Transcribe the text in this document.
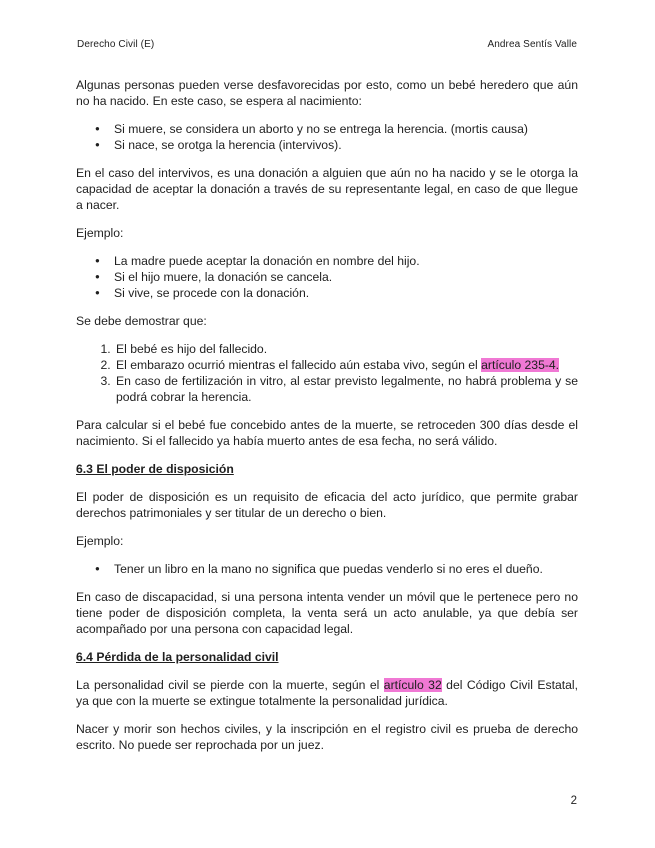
Derecho Civil (E)	Andrea Sentís Valle

Algunas personas pueden verse desfavorecidas por esto, como un bebé heredero que aún no ha nacido. En este caso, se espera al nacimiento:

● Si muere, se considera un aborto y no se entrega la herencia. (mortis causa)
● Si nace, se orotga la herencia (intervivos).

En el caso del intervivos, es una donación a alguien que aún no ha nacido y se le otorga la capacidad de aceptar la donación a través de su representante legal, en caso de que llegue a nacer.

Ejemplo:

● La madre puede aceptar la donación en nombre del hijo.
● Si el hijo muere, la donación se cancela.
● Si vive, se procede con la donación.

Se debe demostrar que:

1. El bebé es hijo del fallecido.
2. El embarazo ocurrió mientras el fallecido aún estaba vivo, según el artículo 235-4.
3. En caso de fertilización in vitro, al estar previsto legalmente, no habrá problema y se podrá cobrar la herencia.

Para calcular si el bebé fue concebido antes de la muerte, se retroceden 300 días desde el nacimiento. Si el fallecido ya había muerto antes de esa fecha, no será válido.

6.3 El poder de disposición

El poder de disposición es un requisito de eficacia del acto jurídico, que permite grabar derechos patrimoniales y ser titular de un derecho o bien.

Ejemplo:

● Tener un libro en la mano no significa que puedas venderlo si no eres el dueño.

En caso de discapacidad, si una persona intenta vender un móvil que le pertenece pero no tiene poder de disposición completa, la venta será un acto anulable, ya que debía ser acompañado por una persona con capacidad legal.

6.4 Pérdida de la personalidad civil

La personalidad civil se pierde con la muerte, según el artículo 32 del Código Civil Estatal, ya que con la muerte se extingue totalmente la personalidad jurídica.

Nacer y morir son hechos civiles, y la inscripción en el registro civil es prueba de derecho escrito. No puede ser reprochada por un juez.

2
